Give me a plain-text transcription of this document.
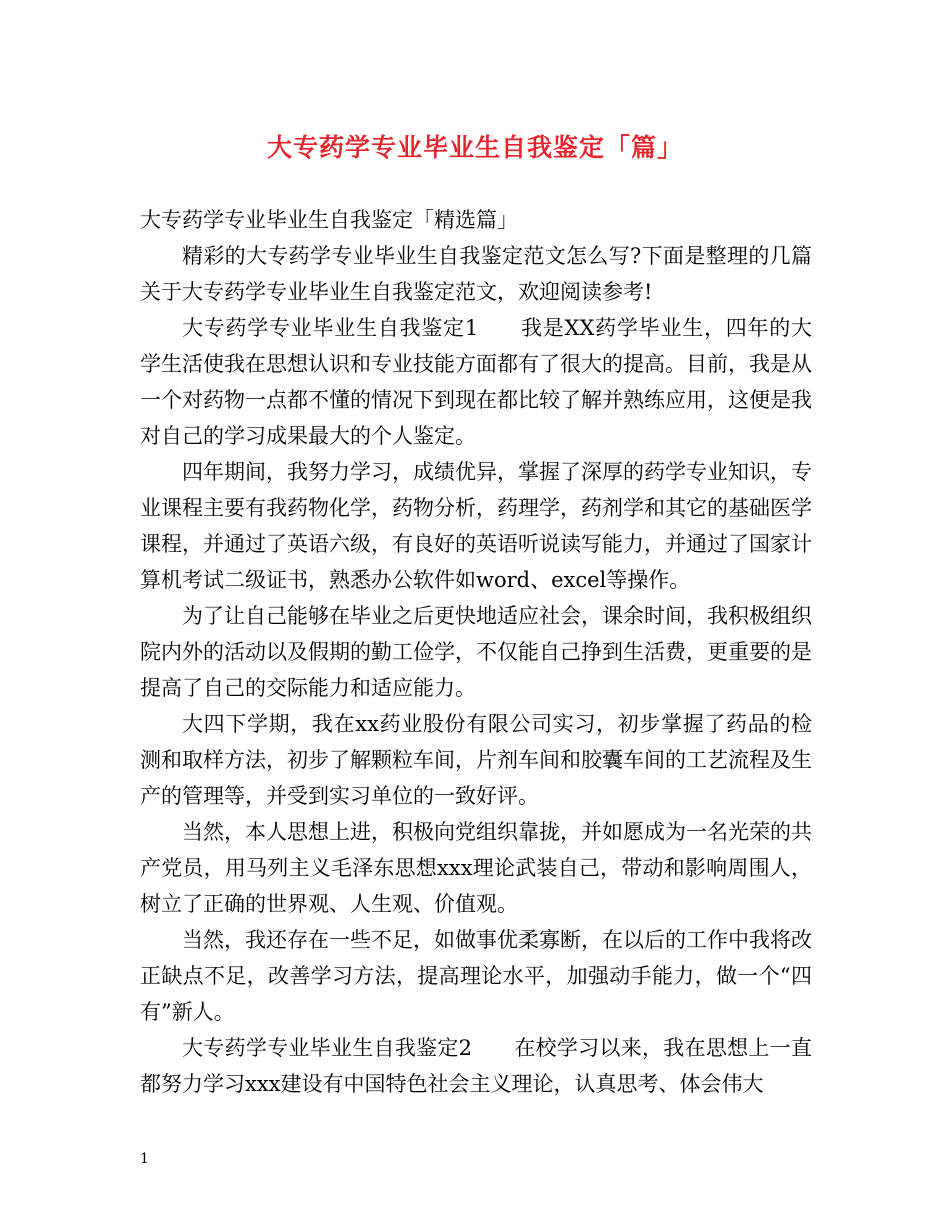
大专药学专业毕业生自我鉴定「篇」

大专药学专业毕业生自我鉴定「精选篇」

精彩的大专药学专业毕业生自我鉴定范文怎么写?下面是整理的几篇关于大专药学专业毕业生自我鉴定范文，欢迎阅读参考!

大专药学专业毕业生自我鉴定1 我是XX药学毕业生，四年的大学生活使我在思想认识和专业技能方面都有了很大的提高。目前，我是从一个对药物一点都不懂的情况下到现在都比较了解并熟练应用，这便是我对自己的学习成果最大的个人鉴定。

四年期间，我努力学习，成绩优异，掌握了深厚的药学专业知识，专业课程主要有我药物化学，药物分析，药理学，药剂学和其它的基础医学课程，并通过了英语六级，有良好的英语听说读写能力，并通过了国家计算机考试二级证书，熟悉办公软件如word、excel等操作。

为了让自己能够在毕业之后更快地适应社会，课余时间，我积极组织院内外的活动以及假期的勤工俭学，不仅能自己挣到生活费，更重要的是提高了自己的交际能力和适应能力。

大四下学期，我在xx药业股份有限公司实习，初步掌握了药品的检测和取样方法，初步了解颗粒车间，片剂车间和胶囊车间的工艺流程及生产的管理等，并受到实习单位的一致好评。

当然，本人思想上进，积极向党组织靠拢，并如愿成为一名光荣的共产党员，用马列主义毛泽东思想xxx理论武装自己，带动和影响周围人，树立了正确的世界观、人生观、价值观。

当然，我还存在一些不足，如做事优柔寡断，在以后的工作中我将改正缺点不足，改善学习方法，提高理论水平，加强动手能力，做一个“四有”新人。

大专药学专业毕业生自我鉴定2 在校学习以来，我在思想上一直都努力学习xxx建设有中国特色社会主义理论，认真思考、体会伟大

1
